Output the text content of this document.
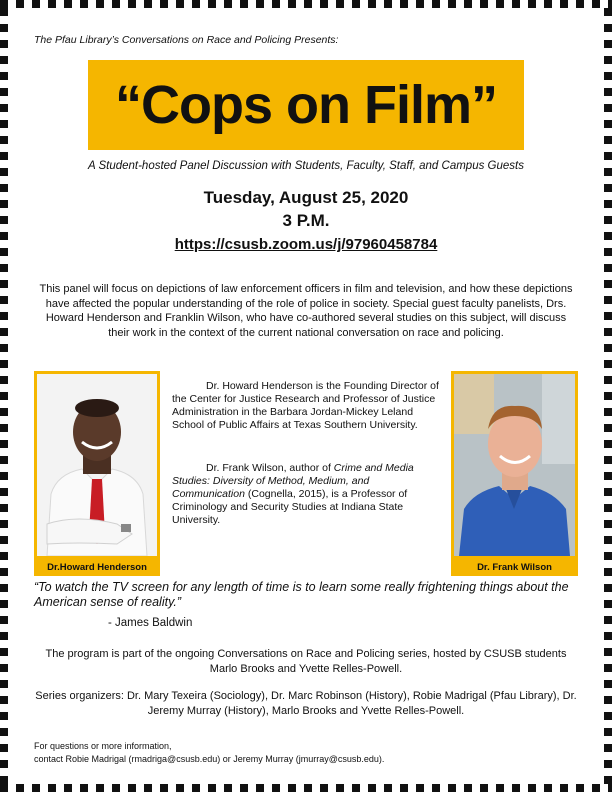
The Pfau Library’s Conversations on Race and Policing Presents:
“Cops on Film”
A Student-hosted Panel Discussion with Students, Faculty, Staff, and Campus Guests
Tuesday, August 25, 2020
3 P.M.
https://csusb.zoom.us/j/97960458784
This panel will focus on depictions of law enforcement officers in film and television, and how these depictions have affected the popular understanding of the role of police in society. Special guest faculty panelists, Drs. Howard Henderson and Franklin Wilson, who have co-authored several studies on this subject, will discuss their work in the context of the current national conversation on race and policing.
Dr.Howard Henderson
Dr. Howard Henderson is the Founding Director of the Center for Justice Research and Professor of Justice Administration in the Barbara Jordan-Mickey Leland School of Public Affairs at Texas Southern University.
Dr. Frank Wilson, author of Crime and Media Studies: Diversity of Method, Medium, and Communication (Cognella, 2015), is a Professor of Criminology and Security Studies at Indiana State University.
Dr. Frank Wilson
“To watch the TV screen for any length of time is to learn some really frightening things about the American sense of reality.”
- James Baldwin
The program is part of the ongoing Conversations on Race and Policing series, hosted by CSUSB students Marlo Brooks and Yvette Relles-Powell.
Series organizers: Dr. Mary Texeira (Sociology), Dr. Marc Robinson (History), Robie Madrigal (Pfau Library), Dr. Jeremy Murray (History), Marlo Brooks and Yvette Relles-Powell.
For questions or more information,
contact Robie Madrigal (rmadriga@csusb.edu) or Jeremy Murray (jmurray@csusb.edu).
